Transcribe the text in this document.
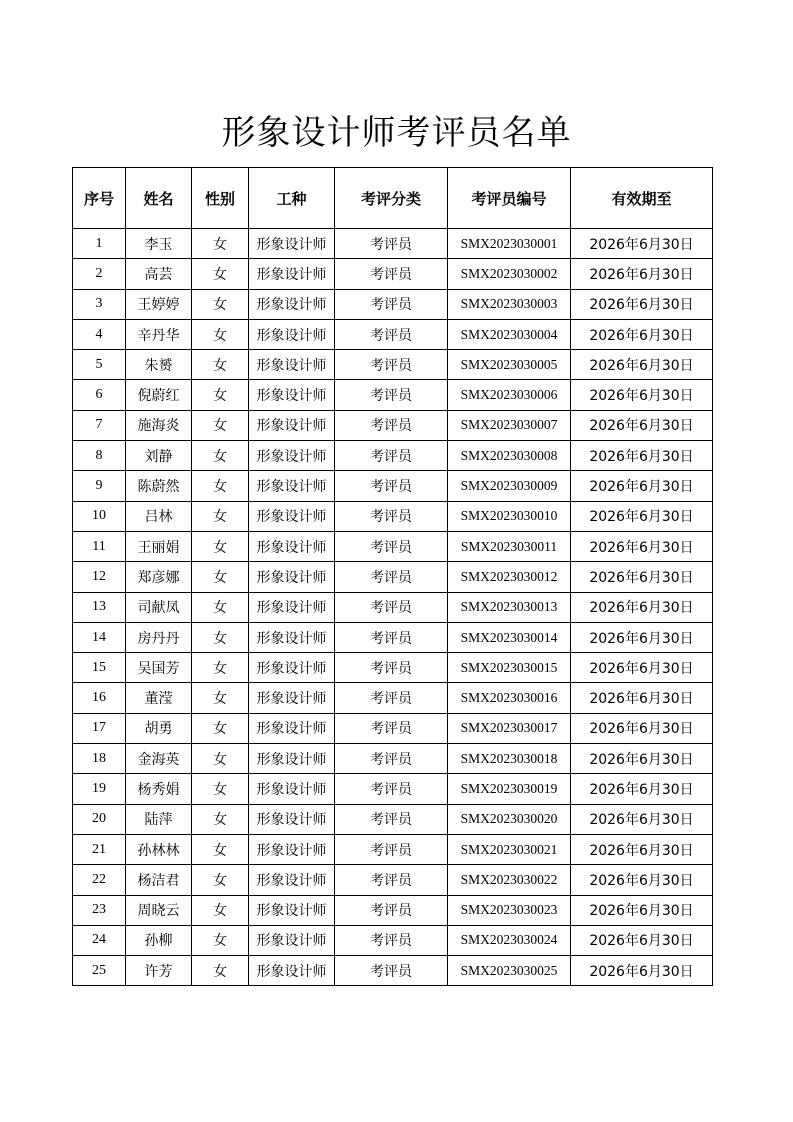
形象设计师考评员名单
序号	姓名	性别	工种	考评分类	考评员编号	有效期至
1	李玉	女	形象设计师	考评员	SMX2023030001	2026年6月30日
2	高芸	女	形象设计师	考评员	SMX2023030002	2026年6月30日
3	王婷婷	女	形象设计师	考评员	SMX2023030003	2026年6月30日
4	辛丹华	女	形象设计师	考评员	SMX2023030004	2026年6月30日
5	朱赟	女	形象设计师	考评员	SMX2023030005	2026年6月30日
6	倪蔚红	女	形象设计师	考评员	SMX2023030006	2026年6月30日
7	施海炎	女	形象设计师	考评员	SMX2023030007	2026年6月30日
8	刘静	女	形象设计师	考评员	SMX2023030008	2026年6月30日
9	陈蔚然	女	形象设计师	考评员	SMX2023030009	2026年6月30日
10	吕林	女	形象设计师	考评员	SMX2023030010	2026年6月30日
11	王丽娟	女	形象设计师	考评员	SMX2023030011	2026年6月30日
12	郑彦娜	女	形象设计师	考评员	SMX2023030012	2026年6月30日
13	司献凤	女	形象设计师	考评员	SMX2023030013	2026年6月30日
14	房丹丹	女	形象设计师	考评员	SMX2023030014	2026年6月30日
15	吴国芳	女	形象设计师	考评员	SMX2023030015	2026年6月30日
16	董滢	女	形象设计师	考评员	SMX2023030016	2026年6月30日
17	胡勇	女	形象设计师	考评员	SMX2023030017	2026年6月30日
18	金海英	女	形象设计师	考评员	SMX2023030018	2026年6月30日
19	杨秀娟	女	形象设计师	考评员	SMX2023030019	2026年6月30日
20	陆萍	女	形象设计师	考评员	SMX2023030020	2026年6月30日
21	孙林林	女	形象设计师	考评员	SMX2023030021	2026年6月30日
22	杨洁君	女	形象设计师	考评员	SMX2023030022	2026年6月30日
23	周晓云	女	形象设计师	考评员	SMX2023030023	2026年6月30日
24	孙柳	女	形象设计师	考评员	SMX2023030024	2026年6月30日
25	许芳	女	形象设计师	考评员	SMX2023030025	2026年6月30日
